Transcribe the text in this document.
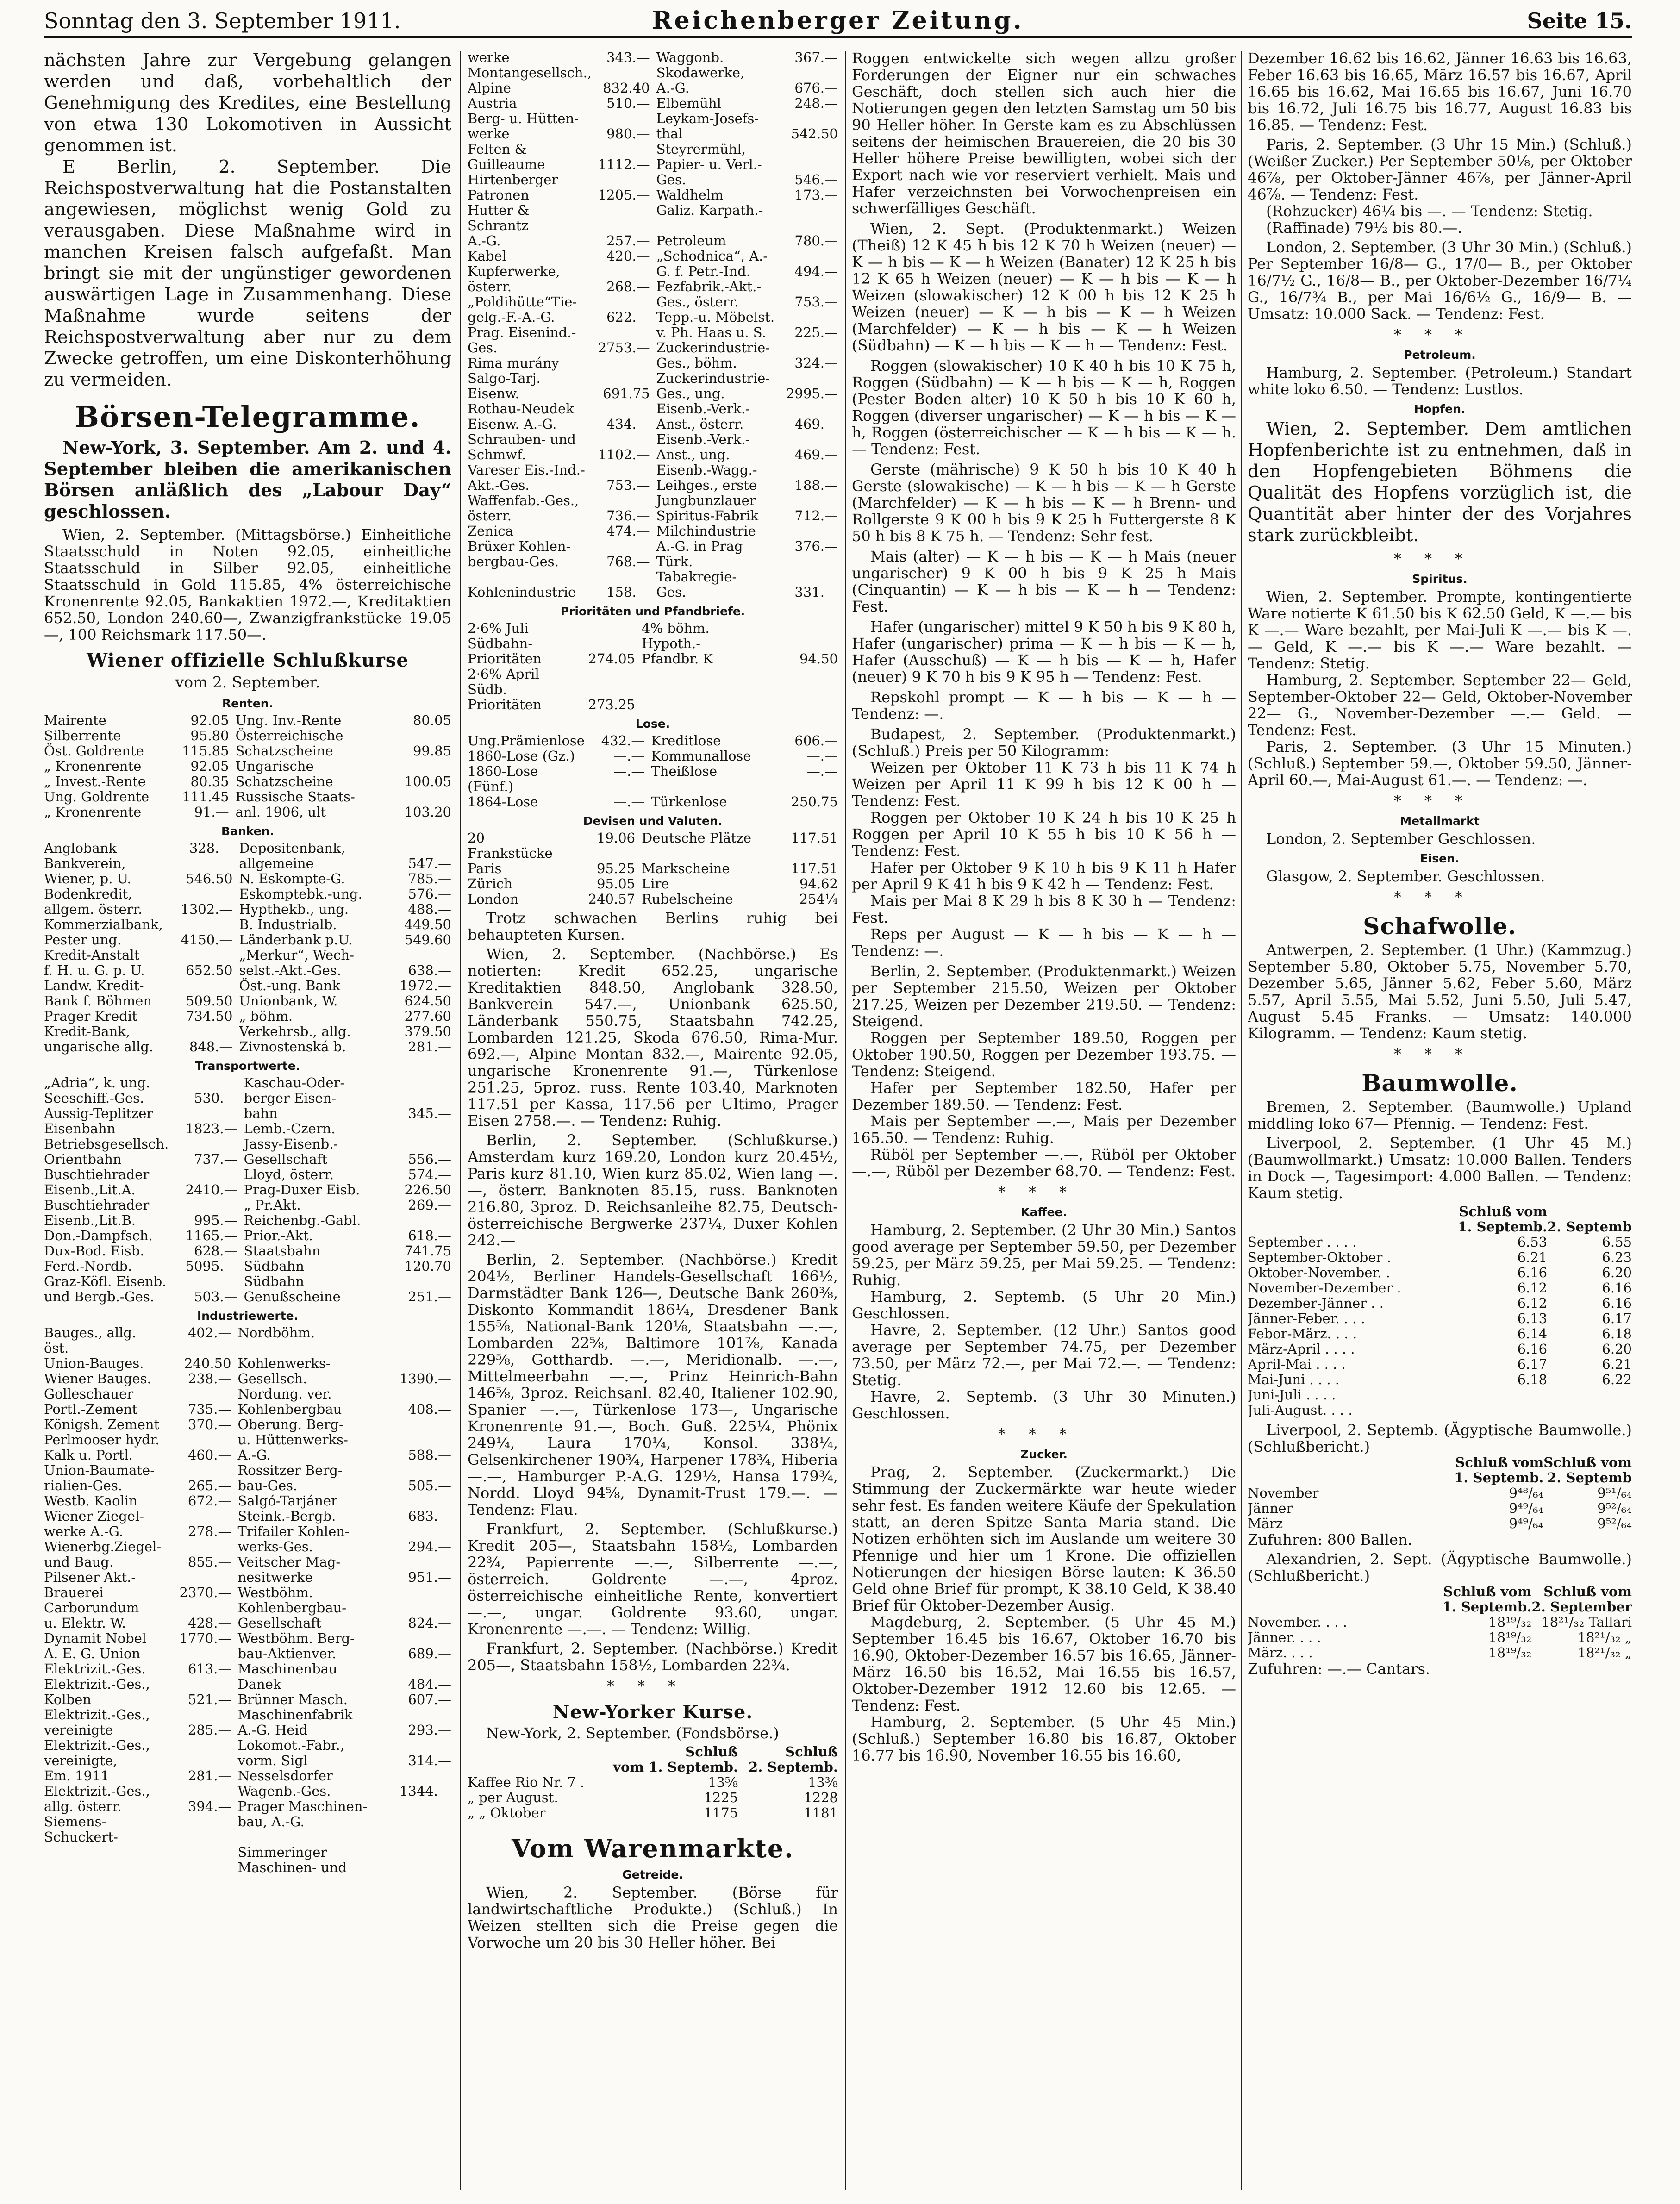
Sonntag den 3. September 1911.	Reichenberger Zeitung.	Seite 15.

nächsten Jahre zur Vergebung gelangen werden und daß, vorbehaltlich der Genehmigung des Kredites, eine Bestellung von etwa 130 Lokomotiven in Aussicht genommen ist.

E Berlin, 2. September. Die Reichspostverwaltung hat die Postanstalten angewiesen, möglichst wenig Gold zu verausgaben. Diese Maßnahme wird in manchen Kreisen falsch aufgefaßt. Man bringt sie mit der ungünstiger gewordenen auswärtigen Lage in Zusammenhang. Diese Maßnahme wurde seitens der Reichspostverwaltung aber nur zu dem Zwecke getroffen, um eine Diskonterhöhung zu vermeiden.

Börsen-Telegramme.

New-York, 3. September. Am 2. und 4. September bleiben die amerikanischen Börsen anläßlich des „Labour Day“ geschlossen.

Wien, 2. September. (Mittagsbörse.) Einheitliche Staatsschuld in Noten 92.05, einheitliche Staatsschuld in Silber 92.05, einheitliche Staatsschuld in Gold 115.85, 4% österreichische Kronenrente 92.05, Bankaktien 1972.—, Kreditaktien 652.50, London 240.60—, Zwanzigfrankstücke 19.05—, 100 Reichsmark 117.50—.

Wiener offizielle Schlußkurse
vom 2. September.
Renten.
Mairente	92.05	Ung. Inv.-Rente	80.05
Silberrente	95.80	Österreichische	
Öst. Goldrente	115.85	Schatzscheine	99.85
„ Kronenrente	92.05	Ungarische	
„ Invest.-Rente	80.35	Schatzscheine	100.05
Ung. Goldrente	111.45	Russische Staats-	
„ Kronenrente	91.—	anl. 1906, ult	103.20
Banken.
Anglobank	328.—	Depositenbank,	
Bankverein,		allgemeine	547.—
Wiener, p. U.	546.50	N. Eskompte-G.	785.—
Bodenkredit,		Eskomptebk.-ung.	576.—
allgem. österr.	1302.—	Hypthekb., ung.	488.—
Kommerzialbank,		B. Industrialb.	449.50
Pester ung.	4150.—	Länderbank p.U.	549.60
Kredit-Anstalt		„Merkur“, Wech-	
f. H. u. G. p. U.	652.50	selst.-Akt.-Ges.	638.—
Landw. Kredit-		Öst.-ung. Bank	1972.—
Bank f. Böhmen	509.50	Unionbank, W.	624.50
Prager Kredit	734.50	„ böhm.	277.60
Kredit-Bank,		Verkehrsb., allg.	379.50
ungarische allg.	848.—	Zivnostenská b.	281.—
Transportwerte.
„Adria“, k. ung.		Kaschau-Oder-	
Seeschiff.-Ges.	530.—	berger Eisen-	
Aussig-Teplitzer		bahn	345.—
Eisenbahn	1823.—	Lemb.-Czern.	
Betriebsgesellsch.		Jassy-Eisenb.-	
Orientbahn	737.—	Gesellschaft	556.—
Buschtiehrader		Lloyd, österr.	574.—
Eisenb.,Lit.A.	2410.—	Prag-Duxer Eisb.	226.50
Buschtiehrader		„ Pr.Akt.	269.—
Eisenb.,Lit.B.	995.—	Reichenbg.-Gabl.	
Don.-Dampfsch.	1165.—	Prior.-Akt.	618.—
Dux-Bod. Eisb.	628.—	Staatsbahn	741.75
Ferd.-Nordb.	5095.—	Südbahn	120.70
Graz-Köfl. Eisenb.		Südbahn	
und Bergb.-Ges.	503.—	Genußscheine	251.—
Industriewerte.
Bauges., allg. öst.	402.—	Nordböhm.	
Union-Bauges.	240.50	Kohlenwerks-	
Wiener Bauges.	238.—	Gesellsch.	1390.—
Golleschauer		Nordung. ver.	
Portl.-Zement	735.—	Kohlenbergbau	408.—
Königsh. Zement	370.—	Oberung. Berg-	
Perlmooser hydr.		u. Hüttenwerks-	
Kalk u. Portl.	460.—	A.-G.	588.—
Union-Baumate-		Rossitzer Berg-	
rialien-Ges.	265.—	bau-Ges.	505.—
Westb. Kaolin	672.—	Salgó-Tarjáner	
Wiener Ziegel-		Steink.-Bergb.	683.—
werke A.-G.	278.—	Trifailer Kohlen-	
Wienerbg.Ziegel-		werks-Ges.	294.—
und Baug.	855.—	Veitscher Mag-	
Pilsener Akt.-		nesitwerke	951.—
Brauerei	2370.—	Westböhm.	
Carborundum		Kohlenbergbau-	
u. Elektr. W.	428.—	Gesellschaft	824.—
Dynamit Nobel	1770.—	Westböhm. Berg-	
A. E. G. Union		bau-Aktienver.	689.—
Elektrizit.-Ges.	613.—	Maschinenbau	
Elektrizit.-Ges.,		Danek	484.—
Kolben	521.—	Brünner Masch.	607.—
Elektrizit.-Ges.,		Maschinenfabrik	
vereinigte	285.—	A.-G. Heid	293.—
Elektrizit.-Ges.,		Lokomot.-Fabr.,	
vereinigte,		vorm. Sigl	314.—
Em. 1911	281.—	Nesselsdorfer	
Elektrizit.-Ges.,		Wagenb.-Ges.	1344.—
allg. österr.	394.—	Prager Maschinen-	
Siemens-Schuckert-		bau, A.-G.	
		Simmeringer	
		Maschinen- und	
werke	343.—	Waggonb.	367.—
Montangesellsch.,		Skodawerke,	
Alpine	832.40	A.-G.	676.—
Austria	510.—	Elbemühl	248.—
Berg- u. Hütten-		Leykam-Josefs-	
werke	980.—	thal	542.50
Felten &		Steyrermühl,	
Guilleaume	1112.—	Papier- u. Verl.-	
Hirtenberger		Ges.	546.—
Patronen	1205.—	Waldhelm	173.—
Hutter & Schrantz		Galiz. Karpath.-	
A.-G.	257.—	Petroleum	780.—
Kabel	420.—	„Schodnica“, A.-	
Kupferwerke,		G. f. Petr.-Ind.	494.—
österr.	268.—	Fezfabrik.-Akt.-	
„Poldihütte“Tie-		Ges., österr.	753.—
gelg.-F.-A.-G.	622.—	Tepp.-u. Möbelst.	
Prag. Eisenind.-		v. Ph. Haas u. S.	225.—
Ges.	2753.—	Zuckerindustrie-	
Rima murány		Ges., böhm.	324.—
Salgo-Tarj.		Zuckerindustrie-	
Eisenw.	691.75	Ges., ung.	2995.—
Rothau-Neudek		Eisenb.-Verk.-	
Eisenw. A.-G.	434.—	Anst., österr.	469.—
Schrauben- und		Eisenb.-Verk.-	
Schmwf.	1102.—	Anst., ung.	469.—
Vareser Eis.-Ind.-		Eisenb.-Wagg.-	
Akt.-Ges.	753.—	Leihges., erste	188.—
Waffenfab.-Ges.,		Jungbunzlauer	
österr.	736.—	Spiritus-Fabrik	712.—
Zenica	474.—	Milchindustrie	
Brüxer Kohlen-		A.-G. in Prag	376.—
bergbau-Ges.	768.—	Türk. Tabakregie-	
Kohlenindustrie	158.—	Ges.	331.—
Prioritäten und Pfandbriefe.
2·6% Juli Südbahn-		4% böhm. Hypoth.-	
Prioritäten	274.05	Pfandbr. K	94.50
2·6% April Südb.			
Prioritäten	273.25		
Lose.
Ung.Prämienlose	432.—	Kreditlose	606.—
1860-Lose (Gz.)	—.—	Kommunallose	—.—
1860-Lose (Fünf.)	—.—	Theißlose	—.—
1864-Lose	—.—	Türkenlose	250.75
Devisen und Valuten.
20 Frankstücke	19.06	Deutsche Plätze	117.51
Paris	95.25	Markscheine	117.51
Zürich	95.05	Lire	94.62
London	240.57	Rubelscheine	254¼

Trotz schwachen Berlins ruhig bei behaupteten Kursen.

Wien, 2. September. (Nachbörse.) Es notierten: Kredit 652.25, ungarische Kreditaktien 848.50, Anglobank 328.50, Bankverein 547.—, Unionbank 625.50, Länderbank 550.75, Staatsbahn 742.25, Lombarden 121.25, Skoda 676.50, Rima-Mur. 692.—, Alpine Montan 832.—, Mairente 92.05, ungarische Kronenrente 91.—, Türkenlose 251.25, 5proz. russ. Rente 103.40, Marknoten 117.51 per Kassa, 117.56 per Ultimo, Prager Eisen 2758.—. — Tendenz: Ruhig.

Berlin, 2. September. (Schlußkurse.) Amsterdam kurz 169.20, London kurz 20.45½, Paris kurz 81.10, Wien kurz 85.02, Wien lang —.—, österr. Banknoten 85.15, russ. Banknoten 216.80, 3proz. D. Reichsanleihe 82.75, Deutsch-österreichische Bergwerke 237¼, Duxer Kohlen 242.—

Berlin, 2. September. (Nachbörse.) Kredit 204½, Berliner Handels-Gesellschaft 166½, Darmstädter Bank 126—, Deutsche Bank 260⅜, Diskonto Kommandit 186¼, Dresdener Bank 155⅝, National-Bank 120⅛, Staatsbahn —.—, Lombarden 22⅝, Baltimore 101⅞, Kanada 229⅝, Gotthardb. —.—, Meridionalb. —.—, Mittelmeerbahn —.—, Prinz Heinrich-Bahn 146⅝, 3proz. Reichsanl. 82.40, Italiener 102.90, Spanier —.—, Türkenlose 173—, Ungarische Kronenrente 91.—, Boch. Guß. 225¼, Phönix 249¼, Laura 170¼, Konsol. 338¼, Gelsenkirchener 190¾, Harpener 178¾, Hiberia —.—, Hamburger P.-A.G. 129½, Hansa 179¾, Nordd. Lloyd 94⅝, Dynamit-Trust 179.—. — Tendenz: Flau.

Frankfurt, 2. September. (Schlußkurse.) Kredit 205—, Staatsbahn 158½, Lombarden 22¾, Papierrente —.—, Silberrente —.—, österreich. Goldrente —.—, 4proz. österreichische einheitliche Rente, konvertiert —.—, ungar. Goldrente 93.60, ungar. Kronenrente —.—. — Tendenz: Willig.

Frankfurt, 2. September. (Nachbörse.) Kredit 205—, Staatsbahn 158½, Lombarden 22¾.

***
New-Yorker Kurse.

New-York, 2. September. (Fondsbörse.)

	Schluß	Schluß
	vom 1. Septemb.	2. Septemb.
Kaffee Rio Nr. 7 .	13⅝	13⅜
„ per August.	1225	1228
„ „ Oktober	1175	1181
Vom Warenmarkte.
Getreide.

Wien, 2. September. (Börse für landwirtschaftliche Produkte.) (Schluß.) In Weizen stellten sich die Preise gegen die Vorwoche um 20 bis 30 Heller höher. Bei

Roggen entwickelte sich wegen allzu großer Forderungen der Eigner nur ein schwaches Geschäft, doch stellen sich auch hier die Notierungen gegen den letzten Samstag um 50 bis 90 Heller höher. In Gerste kam es zu Abschlüssen seitens der heimischen Brauereien, die 20 bis 30 Heller höhere Preise bewilligten, wobei sich der Export nach wie vor reserviert verhielt. Mais und Hafer verzeichnsten bei Vorwochenpreisen ein schwerfälliges Geschäft.

Wien, 2. Sept. (Produktenmarkt.) Weizen (Theiß) 12 K 45 h bis 12 K 70 h Weizen (neuer) — K — h bis — K — h Weizen (Banater) 12 K 25 h bis 12 K 65 h Weizen (neuer) — K — h bis — K — h Weizen (slowakischer) 12 K 00 h bis 12 K 25 h Weizen (neuer) — K — h bis — K — h Weizen (Marchfelder) — K — h bis — K — h Weizen (Südbahn) — K — h bis — K — h — Tendenz: Fest.

Roggen (slowakischer) 10 K 40 h bis 10 K 75 h, Roggen (Südbahn) — K — h bis — K — h, Roggen (Pester Boden alter) 10 K 50 h bis 10 K 60 h, Roggen (diverser ungarischer) — K — h bis — K — h, Roggen (österreichischer — K — h bis — K — h. — Tendenz: Fest.

Gerste (mährische) 9 K 50 h bis 10 K 40 h Gerste (slowakische) — K — h bis — K — h Gerste (Marchfelder) — K — h bis — K — h Brenn- und Rollgerste 9 K 00 h bis 9 K 25 h Futtergerste 8 K 50 h bis 8 K 75 h. — Tendenz: Sehr fest.

Mais (alter) — K — h bis — K — h Mais (neuer ungarischer) 9 K 00 h bis 9 K 25 h Mais (Cinquantin) — K — h bis — K — h — Tendenz: Fest.

Hafer (ungarischer) mittel 9 K 50 h bis 9 K 80 h, Hafer (ungarischer) prima — K — h bis — K — h, Hafer (Ausschuß) — K — h bis — K — h, Hafer (neuer) 9 K 70 h bis 9 K 95 h — Tendenz: Fest.

Repskohl prompt — K — h bis — K — h — Tendenz: —.

Budapest, 2. September. (Produktenmarkt.) (Schluß.) Preis per 50 Kilogramm:

Weizen per Oktober 11 K 73 h bis 11 K 74 h Weizen per April 11 K 99 h bis 12 K 00 h — Tendenz: Fest.

Roggen per Oktober 10 K 24 h bis 10 K 25 h Roggen per April 10 K 55 h bis 10 K 56 h — Tendenz: Fest.

Hafer per Oktober 9 K 10 h bis 9 K 11 h Hafer per April 9 K 41 h bis 9 K 42 h — Tendenz: Fest.

Mais per Mai 8 K 29 h bis 8 K 30 h — Tendenz: Fest.

Reps per August — K — h bis — K — h — Tendenz: —.

Berlin, 2. September. (Produktenmarkt.) Weizen per September 215.50, Weizen per Oktober 217.25, Weizen per Dezember 219.50. — Tendenz: Steigend.

Roggen per September 189.50, Roggen per Oktober 190.50, Roggen per Dezember 193.75. — Tendenz: Steigend.

Hafer per September 182.50, Hafer per Dezember 189.50. — Tendenz: Fest.

Mais per September —.—, Mais per Dezember 165.50. — Tendenz: Ruhig.

Rüböl per September —.—, Rüböl per Oktober —.—, Rüböl per Dezember 68.70. — Tendenz: Fest.

***
Kaffee.

Hamburg, 2. September. (2 Uhr 30 Min.) Santos good average per September 59.50, per Dezember 59.25, per März 59.25, per Mai 59.25. — Tendenz: Ruhig.

Hamburg, 2. Septemb. (5 Uhr 20 Min.) Geschlossen.

Havre, 2. September. (12 Uhr.) Santos good average per September 74.75, per Dezember 73.50, per März 72.—, per Mai 72.—. — Tendenz: Stetig.

Havre, 2. Septemb. (3 Uhr 30 Minuten.) Geschlossen.

***
Zucker.

Prag, 2. September. (Zuckermarkt.) Die Stimmung der Zuckermärkte war heute wieder sehr fest. Es fanden weitere Käufe der Spekulation statt, an deren Spitze Santa Maria stand. Die Notizen erhöhten sich im Auslande um weitere 30 Pfennige und hier um 1 Krone. Die offiziellen Notierungen der hiesigen Börse lauten: K 36.50 Geld ohne Brief für prompt, K 38.10 Geld, K 38.40 Brief für Oktober-Dezember Ausig.

Magdeburg, 2. September. (5 Uhr 45 M.) September 16.45 bis 16.67, Oktober 16.70 bis 16.90, Oktober-Dezember 16.57 bis 16.65, Jänner-März 16.50 bis 16.52, Mai 16.55 bis 16.57, Oktober-Dezember 1912 12.60 bis 12.65. — Tendenz: Fest.

Hamburg, 2. September. (5 Uhr 45 Min.) (Schluß.) September 16.80 bis 16.87, Oktober 16.77 bis 16.90, November 16.55 bis 16.60,

Dezember 16.62 bis 16.62, Jänner 16.63 bis 16.63, Feber 16.63 bis 16.65, März 16.57 bis 16.67, April 16.65 bis 16.62, Mai 16.65 bis 16.67, Juni 16.70 bis 16.72, Juli 16.75 bis 16.77, August 16.83 bis 16.85. — Tendenz: Fest.

Paris, 2. September. (3 Uhr 15 Min.) (Schluß.) (Weißer Zucker.) Per September 50⅛, per Oktober 46⅞, per Oktober-Jänner 46⅞, per Jänner-April 46⅞. — Tendenz: Fest.

(Rohzucker) 46¼ bis —. — Tendenz: Stetig.

(Raffinade) 79½ bis 80.—.

London, 2. September. (3 Uhr 30 Min.) (Schluß.) Per September 16/8— G., 17/0— B., per Oktober 16/7½ G., 16/8— B., per Oktober-Dezember 16/7¼ G., 16/7¾ B., per Mai 16/6½ G., 16/9— B. — Umsatz: 10.000 Sack. — Tendenz: Fest.

***
Petroleum.

Hamburg, 2. September. (Petroleum.) Standart white loko 6.50. — Tendenz: Lustlos.

Hopfen.

Wien, 2. September. Dem amtlichen Hopfenberichte ist zu entnehmen, daß in den Hopfengebieten Böhmens die Qualität des Hopfens vorzüglich ist, die Quantität aber hinter der des Vorjahres stark zurückbleibt.

***
Spiritus.

Wien, 2. September. Prompte, kontingentierte Ware notierte K 61.50 bis K 62.50 Geld, K —.— bis K —.— Ware bezahlt, per Mai-Juli K —.— bis K —.— Geld, K —.— bis K —.— Ware bezahlt. — Tendenz: Stetig.

Hamburg, 2. September. September 22— Geld, September-Oktober 22— Geld, Oktober-November 22— G., November-Dezember —.— Geld. — Tendenz: Fest.

Paris, 2. September. (3 Uhr 15 Minuten.) (Schluß.) September 59.—, Oktober 59.50, Jänner-April 60.—, Mai-August 61.—. — Tendenz: —.

***
Metallmarkt

London, 2. September Geschlossen.

Eisen.

Glasgow, 2. September. Geschlossen.

***
Schafwolle.

Antwerpen, 2. September. (1 Uhr.) (Kammzug.) September 5.80, Oktober 5.75, November 5.70, Dezember 5.65, Jänner 5.62, Feber 5.60, März 5.57, April 5.55, Mai 5.52, Juni 5.50, Juli 5.47, August 5.45 Franks. — Umsatz: 140.000 Kilogramm. — Tendenz: Kaum stetig.

***
Baumwolle.

Bremen, 2. September. (Baumwolle.) Upland middling loko 67— Pfennig. — Tendenz: Fest.

Liverpool, 2. September. (1 Uhr 45 M.) (Baumwollmarkt.) Umsatz: 10.000 Ballen. Tenders in Dock —, Tagesimport: 4.000 Ballen. — Tendenz: Kaum stetig.

	Schluß vom	
	1. Septemb.	2. Septemb
September . . . .	6.53	6.55
September-Oktober .	6.21	6.23
Oktober-November. .	6.16	6.20
November-Dezember .	6.12	6.16
Dezember-Jänner . .	6.12	6.16
Jänner-Feber. . . .	6.13	6.17
Febor-März. . . .	6.14	6.18
März-April . . . .	6.16	6.20
April-Mai . . . .	6.17	6.21
Mai-Juni . . . .	6.18	6.22
Juni-Juli . . . .		
Juli-August. . . .		

Liverpool, 2. Septemb. (Ägyptische Baumwolle.) (Schlußbericht.)

	Schluß vom	Schluß vom
	1. Septemb.	2. Septemb
November	9⁴⁸/₆₄	9⁵¹/₆₄
Jänner	9⁴⁹/₆₄	9⁵²/₆₄
März	9⁴⁹/₆₄	9⁵²/₆₄

Zufuhren: 800 Ballen.

Alexandrien, 2. Sept. (Ägyptische Baumwolle.) (Schlußbericht.)

	Schluß vom	Schluß vom
	1. Septemb.	2. September
November. . . .	18¹⁹/₃₂	18²¹/₃₂ Tallari
Jänner. . . .	18¹⁹/₃₂	18²¹/₃₂ „
März. . . .	18¹⁹/₃₂	18²¹/₃₂ „

Zufuhren: —.— Cantars.
